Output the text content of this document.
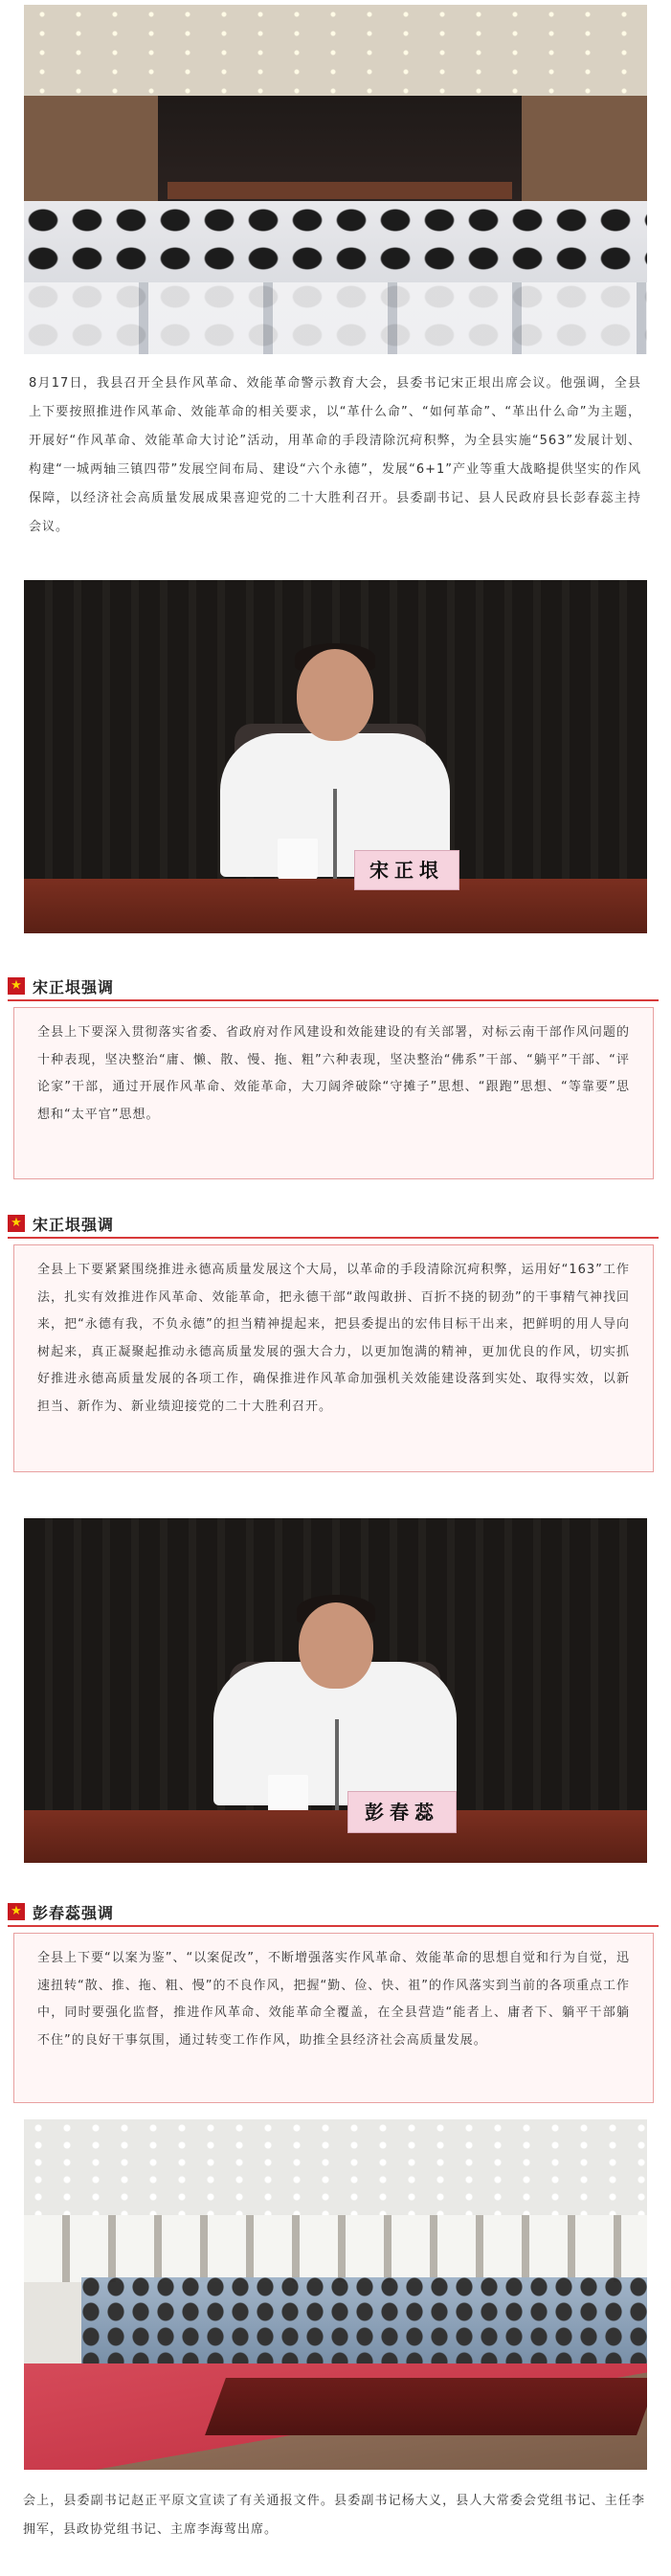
8月17日，我县召开全县作风革命、效能革命警示教育大会，县委书记宋正垠出席会议。他强调，全县上下要按照推进作风革命、效能革命的相关要求，以“革什么命”、“如何革命”、“革出什么命”为主题，开展好“作风革命、效能革命大讨论”活动，用革命的手段清除沉疴积弊，为全县实施“563”发展计划、构建“一城两轴三镇四带”发展空间布局、建设“六个永德”，发展“6+1”产业等重大战略提供坚实的作风保障，以经济社会高质量发展成果喜迎党的二十大胜利召开。县委副书记、县人民政府县长彭春蕊主持会议。
宋正垠
★ 宋正垠强调
全县上下要深入贯彻落实省委、省政府对作风建设和效能建设的有关部署，对标云南干部作风问题的十种表现，坚决整治“庸、懒、散、慢、拖、粗”六种表现，坚决整治“佛系”干部、“躺平”干部、“评论家”干部，通过开展作风革命、效能革命，大刀阔斧破除“守摊子”思想、“跟跑”思想、“等靠要”思想和“太平官”思想。
★ 宋正垠强调
全县上下要紧紧围绕推进永德高质量发展这个大局，以革命的手段清除沉疴积弊，运用好“163”工作法，扎实有效推进作风革命、效能革命，把永德干部“敢闯敢拼、百折不挠的韧劲”的干事精气神找回来，把“永德有我，不负永德”的担当精神提起来，把县委提出的宏伟目标干出来，把鲜明的用人导向树起来，真正凝聚起推动永德高质量发展的强大合力，以更加饱满的精神，更加优良的作风，切实抓好推进永德高质量发展的各项工作，确保推进作风革命加强机关效能建设落到实处、取得实效，以新担当、新作为、新业绩迎接党的二十大胜利召开。
彭春蕊
★ 彭春蕊强调
全县上下要“以案为鉴”、“以案促改”，不断增强落实作风革命、效能革命的思想自觉和行为自觉，迅速扭转“散、推、拖、粗、慢”的不良作风，把握“勤、俭、快、祖”的作风落实到当前的各项重点工作中，同时要强化监督，推进作风革命、效能革命全覆盖，在全县营造“能者上、庸者下、躺平干部躺不住”的良好干事氛围，通过转变工作作风，助推全县经济社会高质量发展。
会上，县委副书记赵正平原文宣读了有关通报文件。县委副书记杨大义，县人大常委会党组书记、主任李拥军，县政协党组书记、主席李海莺出席。
